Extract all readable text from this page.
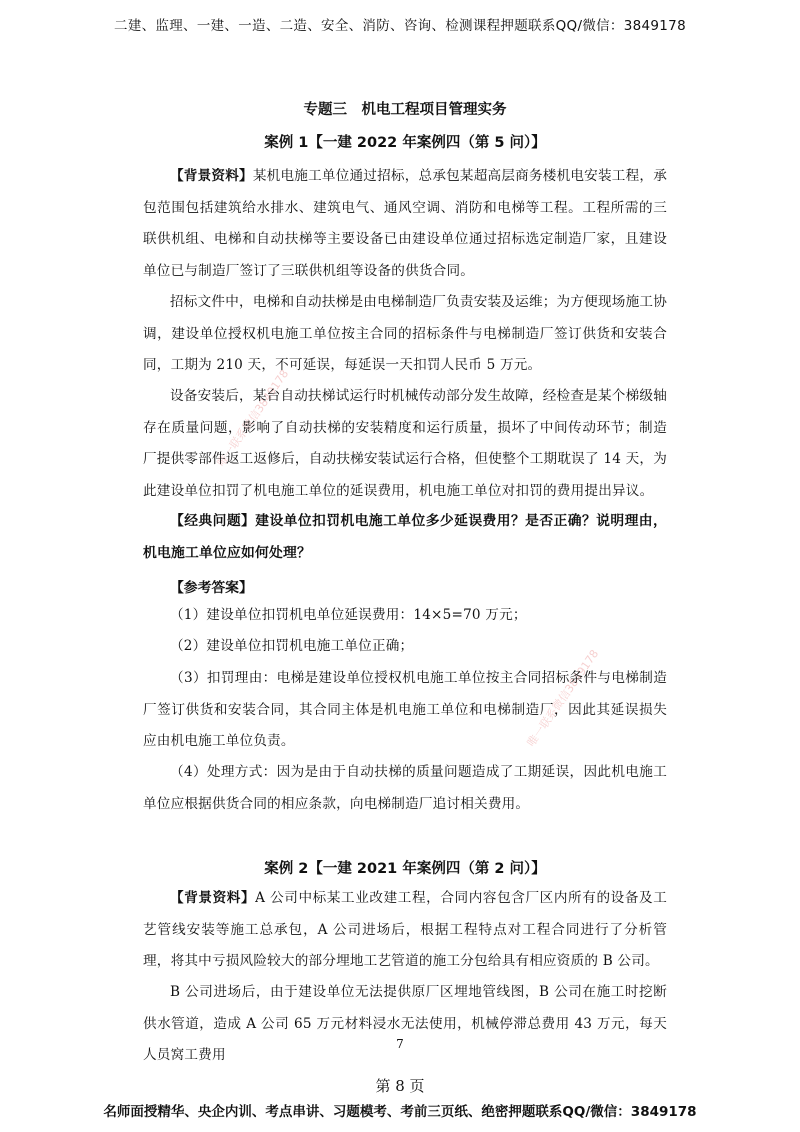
二建、监理、一建、一造、二造、安全、消防、咨询、检测课程押题联系QQ/微信：3849178
唯一联系微信3849178
唯一联系微信3849178
专题三　机电工程项目管理实务
案例 1【一建 2022 年案例四（第 5 问）】
【背景资料】某机电施工单位通过招标，总承包某超高层商务楼机电安装工程，承包范围包括建筑给水排水、建筑电气、通风空调、消防和电梯等工程。工程所需的三联供机组、电梯和自动扶梯等主要设备已由建设单位通过招标选定制造厂家，且建设单位已与制造厂签订了三联供机组等设备的供货合同。
招标文件中，电梯和自动扶梯是由电梯制造厂负责安装及运维；为方便现场施工协调，建设单位授权机电施工单位按主合同的招标条件与电梯制造厂签订供货和安装合同，工期为 210 天，不可延误，每延误一天扣罚人民币 5 万元。
设备安装后，某台自动扶梯试运行时机械传动部分发生故障，经检查是某个梯级轴存在质量问题，影响了自动扶梯的安装精度和运行质量，损坏了中间传动环节；制造厂提供零部件返工返修后，自动扶梯安装试运行合格，但使整个工期耽误了 14 天，为此建设单位扣罚了机电施工单位的延误费用，机电施工单位对扣罚的费用提出异议。
【经典问题】建设单位扣罚机电施工单位多少延误费用？是否正确？说明理由，机电施工单位应如何处理？
【参考答案】
（1）建设单位扣罚机电单位延误费用：14×5=70 万元；
（2）建设单位扣罚机电施工单位正确；
（3）扣罚理由：电梯是建设单位授权机电施工单位按主合同招标条件与电梯制造厂签订供货和安装合同，其合同主体是机电施工单位和电梯制造厂，因此其延误损失应由机电施工单位负责。
（4）处理方式：因为是由于自动扶梯的质量问题造成了工期延误，因此机电施工单位应根据供货合同的相应条款，向电梯制造厂追讨相关费用。
案例 2【一建 2021 年案例四（第 2 问）】
【背景资料】A 公司中标某工业改建工程，合同内容包含厂区内所有的设备及工艺管线安装等施工总承包，A 公司进场后，根据工程特点对工程合同进行了分析管理，将其中亏损风险较大的部分埋地工艺管道的施工分包给具有相应资质的 B 公司。
B 公司进场后，由于建设单位无法提供原厂区埋地管线图，B 公司在施工时挖断供水管道，造成 A 公司 65 万元材料浸水无法使用，机械停滞总费用 43 万元，每天人员窝工费用
7
第 8 页
名师面授精华、央企内训、考点串讲、习题模考、考前三页纸、绝密押题联系QQ/微信：3849178
